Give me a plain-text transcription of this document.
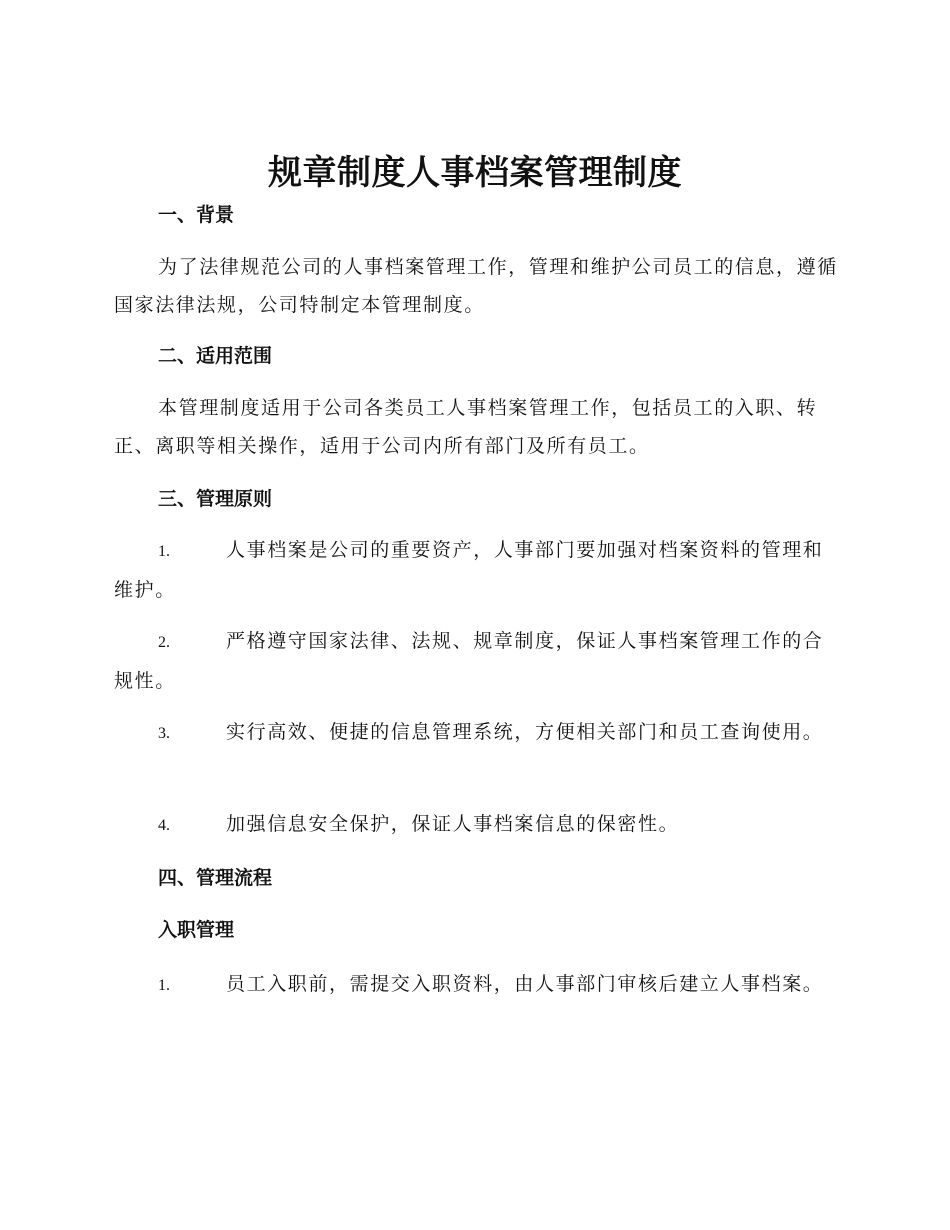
规章制度人事档案管理制度
一、背景

为了法律规范公司的人事档案管理工作，管理和维护公司员工的信息，遵循国家法律法规，公司特制定本管理制度。

二、适用范围

本管理制度适用于公司各类员工人事档案管理工作，包括员工的入职、转正、离职等相关操作，适用于公司内所有部门及所有员工。

三、管理原则

1.	人事档案是公司的重要资产，人事部门要加强对档案资料的管理和维护。

2.	严格遵守国家法律、法规、规章制度，保证人事档案管理工作的合规性。

3.	实行高效、便捷的信息管理系统，方便相关部门和员工查询使用。

4.	加强信息安全保护，保证人事档案信息的保密性。

四、管理流程
入职管理

1.	员工入职前，需提交入职资料，由人事部门审核后建立人事档案。
